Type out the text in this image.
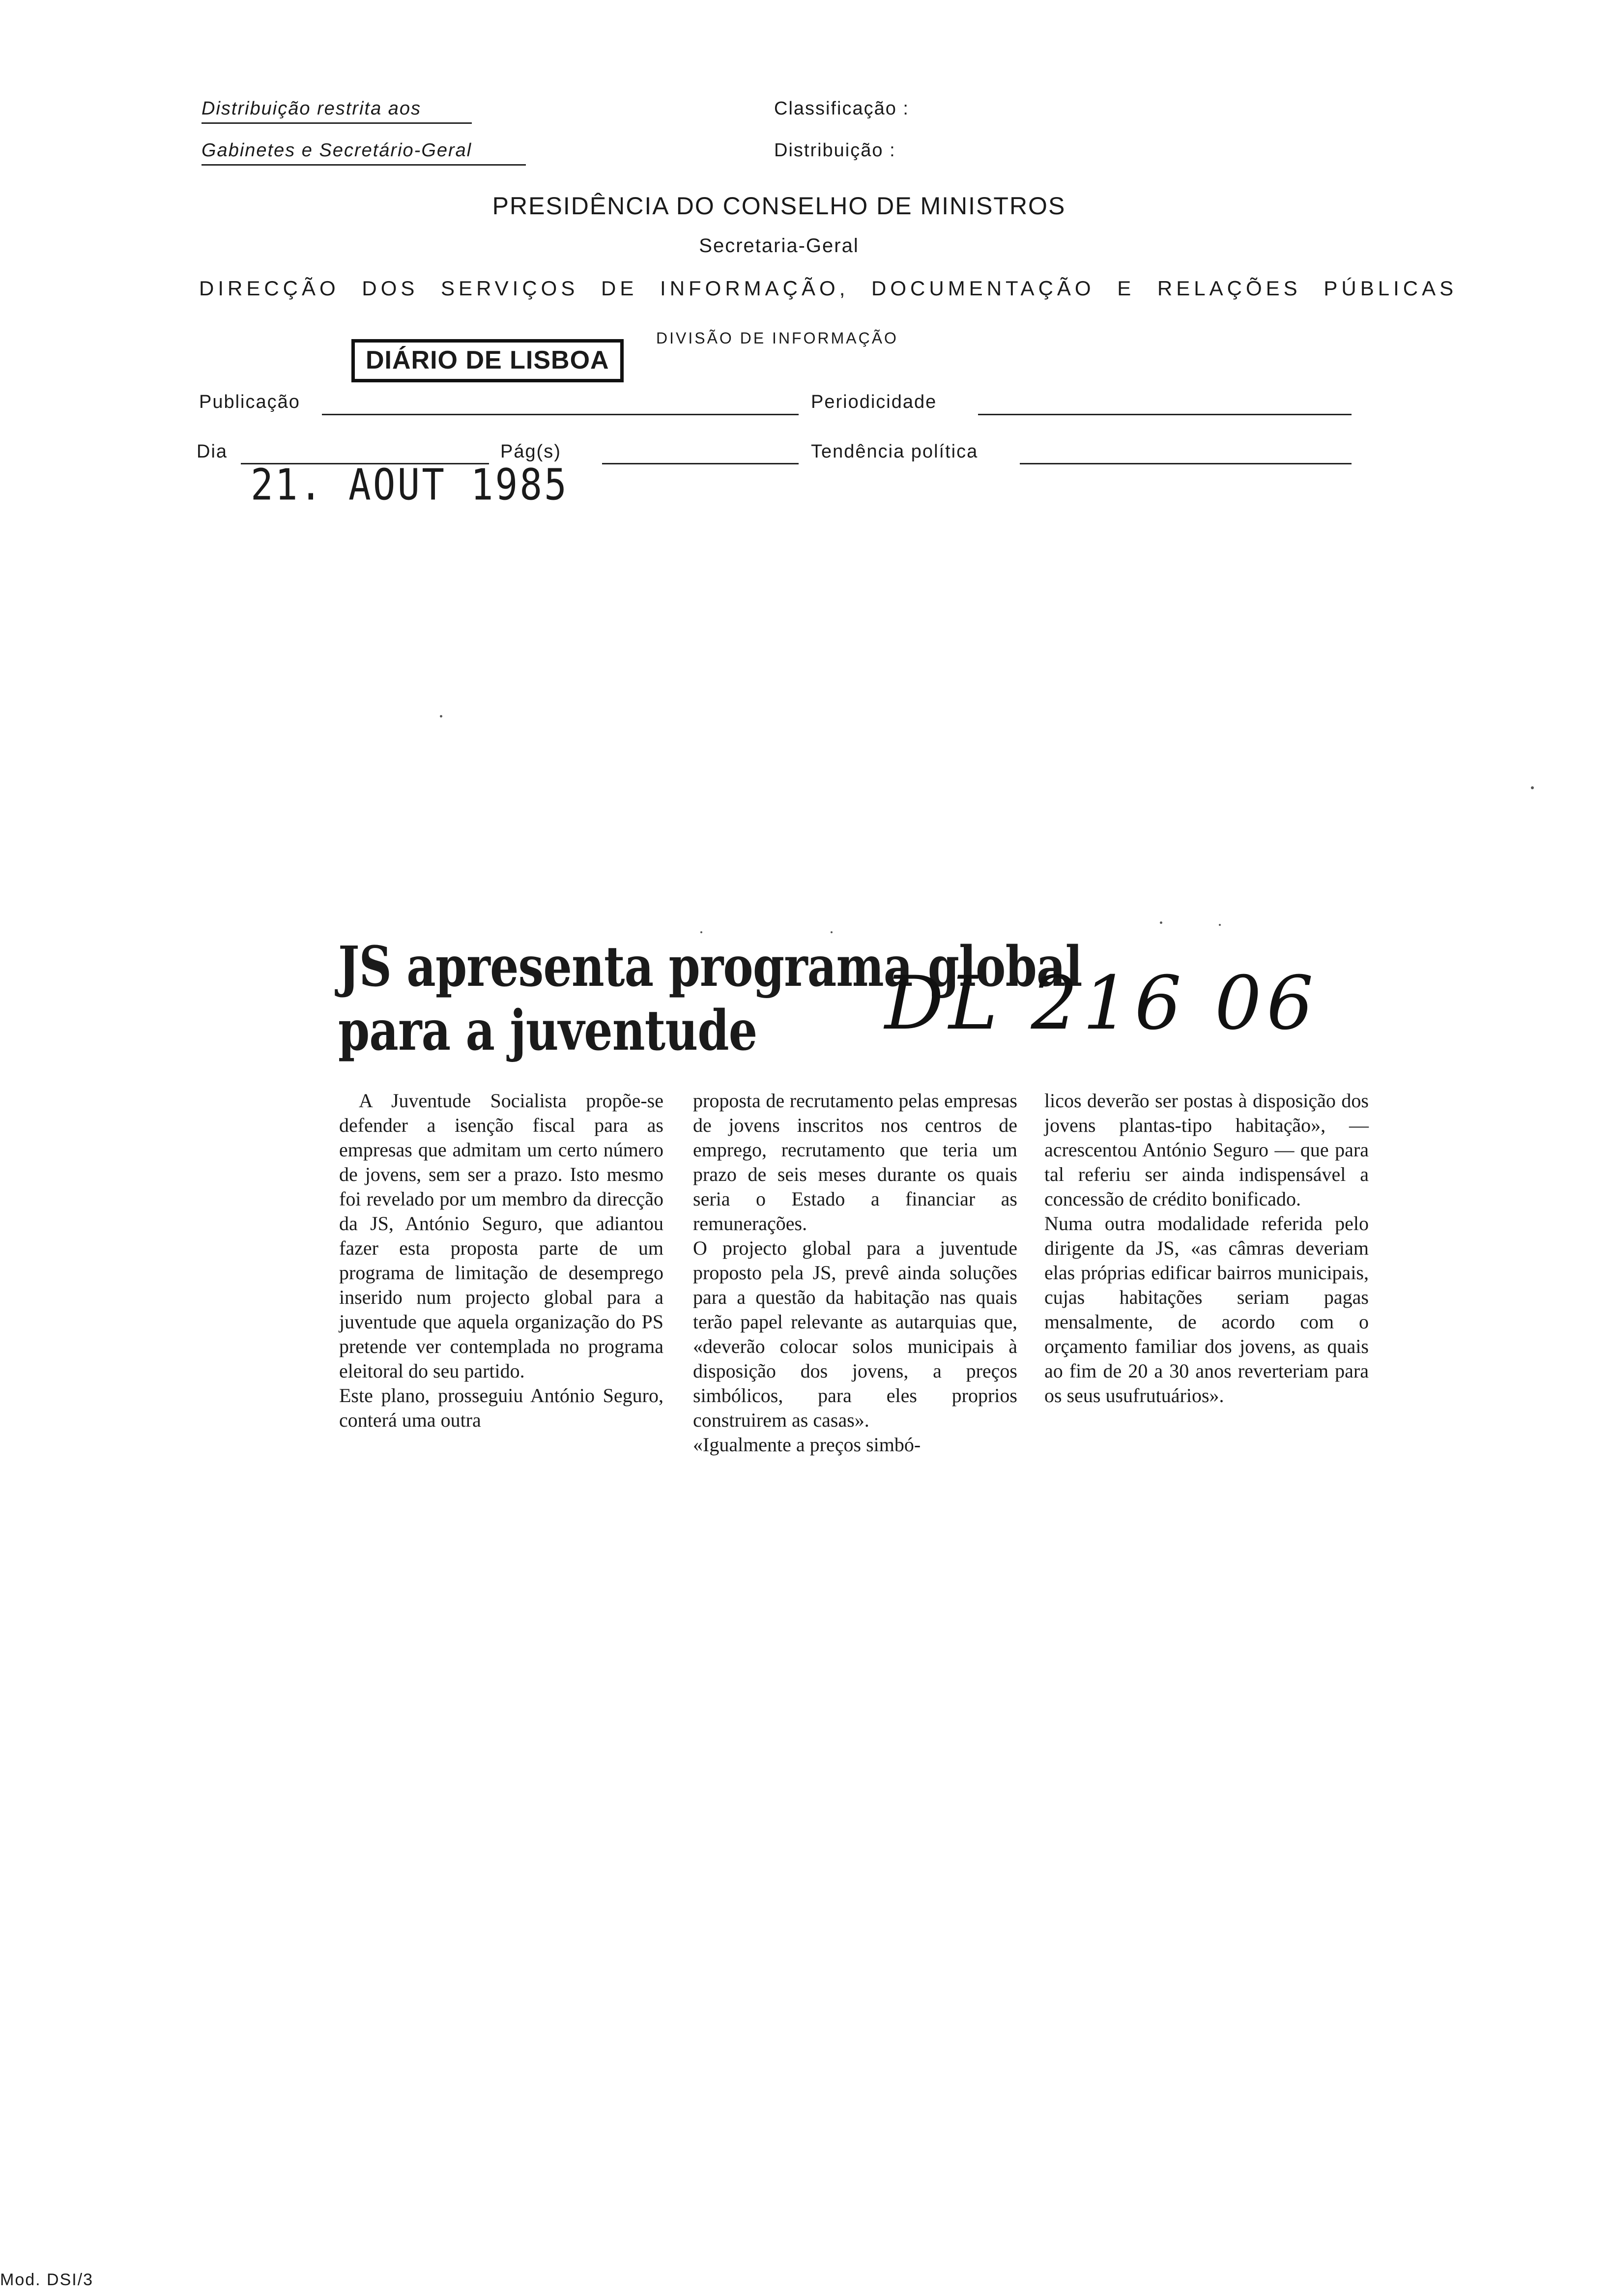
Distribuição restrita aos
Gabinetes e Secretário-Geral
Classificação :
Distribuição :
PRESIDÊNCIA DO CONSELHO DE MINISTROS
Secretaria-Geral
DIRECÇÃO DOS SERVIÇOS DE INFORMAÇÃO, DOCUMENTAÇÃO E RELAÇÕES PÚBLICAS
DIVISÃO DE INFORMAÇÃO
DIÁRIO DE LISBOA
Publicação	Periodicidade
Dia	Pág(s)	Tendência política
21. AOUT 1985
JS apresenta programa global
para a juventude DL 216 06
A Juventude Socialista propõe-se defender a isenção fiscal para as empresas que admitam um certo número de jovens, sem ser a prazo. Isto mesmo foi revelado por um membro da direcção da JS, António Seguro, que adiantou fazer esta proposta parte de um programa de limitação de desemprego inserido num projecto global para a juventude que aquela organização do PS pretende ver contemplada no programa eleitoral do seu partido.
Este plano, prosseguiu António Seguro, conterá uma outra
proposta de recrutamento pelas empresas de jovens inscritos nos centros de emprego, recrutamento que teria um prazo de seis meses durante os quais seria o Estado a financiar as remunerações.
O projecto global para a juventude proposto pela JS, prevê ainda soluções para a questão da habitação nas quais terão papel relevante as autarquias que, «deverão colocar solos municipais à disposição dos jovens, a preços simbólicos, para eles proprios construirem as casas».
«Igualmente a preços simbó-
licos deverão ser postas à disposição dos jovens plantas-tipo habitação», — acrescentou António Seguro — que para tal referiu ser ainda indispensável a concessão de crédito bonificado.
Numa outra modalidade referida pelo dirigente da JS, «as câmras deveriam elas próprias edificar bairros municipais, cujas habitações seriam pagas mensalmente, de acordo com o orçamento familiar dos jovens, as quais ao fim de 20 a 30 anos reverteriam para os seus usufrutuários».
Mod. DSI/3
